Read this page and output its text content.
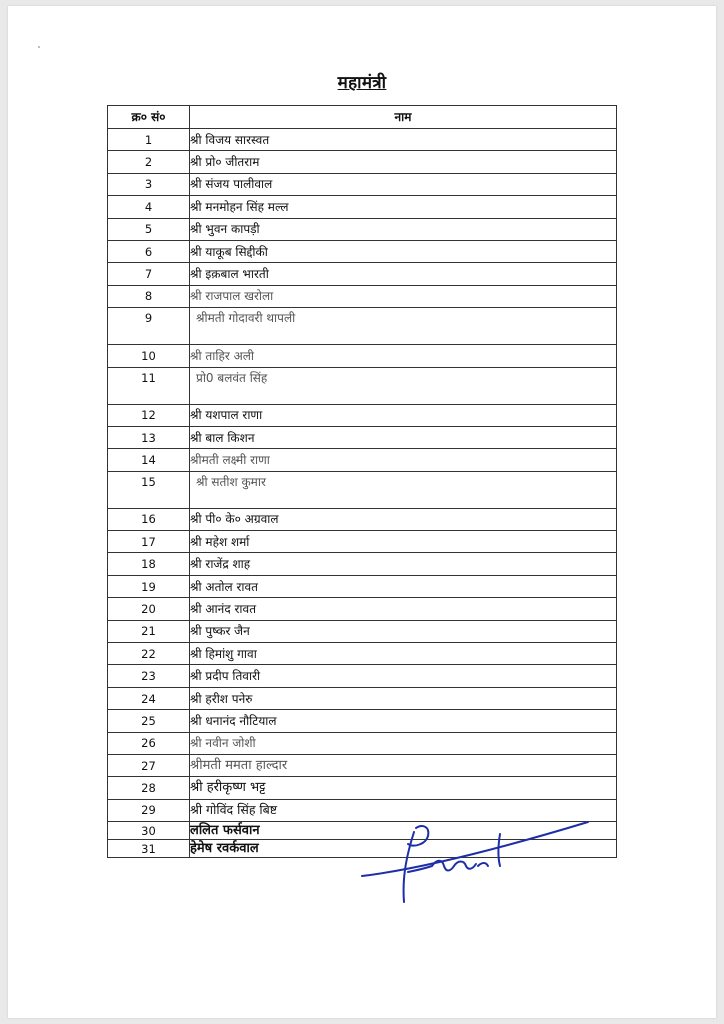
महामंत्री
क्र० सं०	नाम
1	श्री विजय सारस्वत
2	श्री प्रो० जीतराम
3	श्री संजय पालीवाल
4	श्री मनमोहन सिंह मल्ल
5	श्री भुवन कापड़ी
6	श्री याकूब सिद्दीकी
7	श्री इक़बाल भारती
8	श्री राजपाल खरोला
9	श्रीमती गोदावरी थापली
10	श्री ताहिर अली
11	प्रो0 बलवंत सिंह
12	श्री यशपाल राणा
13	श्री बाल किशन
14	श्रीमती लक्ष्मी राणा
15	श्री सतीश कुमार
16	श्री पी० के० अग्रवाल
17	श्री महेश शर्मा
18	श्री राजेंद्र शाह
19	श्री अतोल रावत
20	श्री आनंद रावत
21	श्री पुष्कर जैन
22	श्री हिमांशु गावा
23	श्री प्रदीप तिवारी
24	श्री हरीश पनेरु
25	श्री धनानंद नौटियाल
26	श्री नवीन जोशी
27	श्रीमती ममता हाल्दार
28	श्री हरीकृष्ण भट्ट
29	श्री गोविंद सिंह बिष्ट
30	ललित फर्सवान
31	हेमेष रवर्कवाल
